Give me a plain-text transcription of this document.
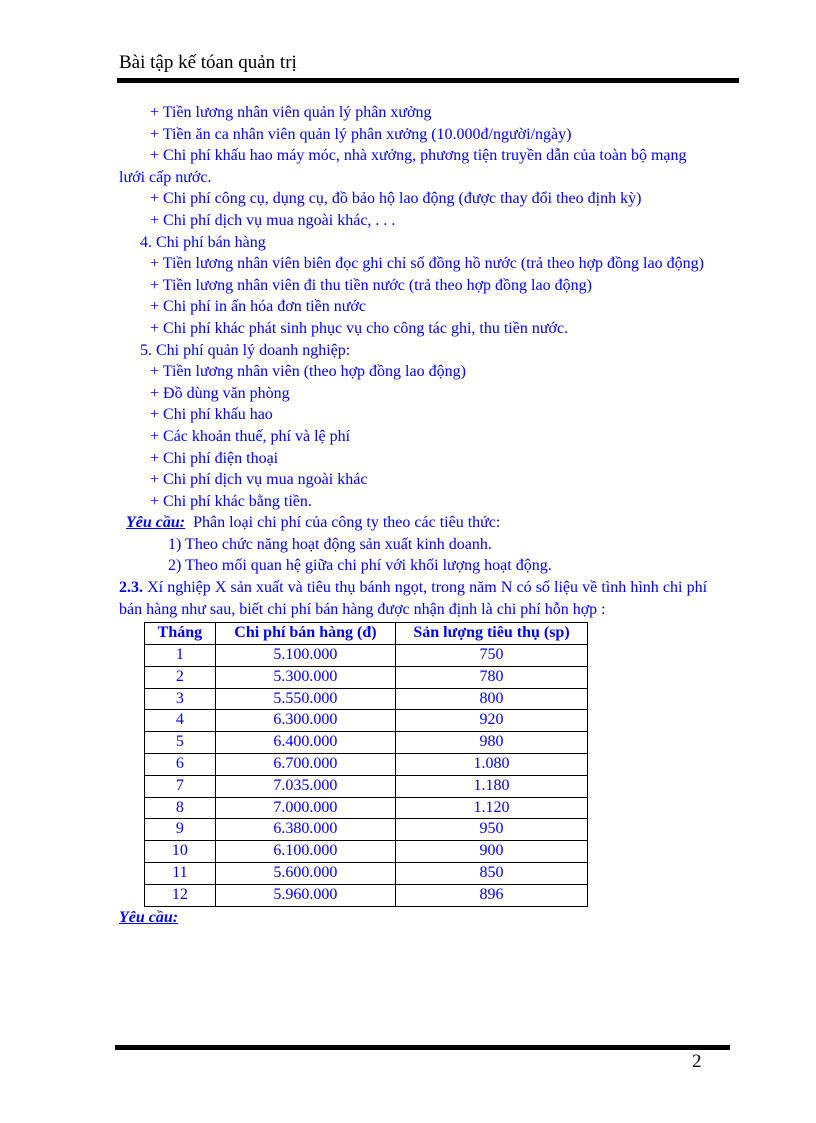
Bài tập kế tóan quản trị
+ Tiền lương nhân viên quản lý phân xưởng
+ Tiền ăn ca nhân viên quản lý phân xưởng (10.000đ/người/ngày)
+ Chi phí khấu hao máy móc, nhà xưởng, phương tiện truyền dẫn của toàn bộ mạng lưới cấp nước.
+ Chi phí công cụ, dụng cụ, đồ bảo hộ lao động (được thay đổi theo định kỳ)
+ Chi phí dịch vụ mua ngoài khác, . . .
4. Chi phí bán hàng
+ Tiền lương nhân viên biên đọc ghi chỉ số đồng hồ nước (trả theo hợp đồng lao động)
+ Tiền lương nhân viên đi thu tiền nước (trả theo hợp đồng lao động)
+ Chi phí in ấn hóa đơn tiền nước
+ Chi phí khác phát sinh phục vụ cho công tác ghi, thu tiền nước.
5. Chi phí quản lý doanh nghiệp:
+ Tiền lương nhân viên (theo hợp đồng lao động)
+ Đồ dùng văn phòng
+ Chi phí khấu hao
+ Các khoản thuế, phí và lệ phí
+ Chi phí điện thoại
+ Chi phí dịch vụ mua ngoài khác
+ Chi phí khác bằng tiền.
Yêu cầu: Phân loại chi phí của công ty theo các tiêu thức:
1) Theo chức năng hoạt động sản xuất kinh doanh.
2) Theo mối quan hệ giữa chi phí với khối lượng hoạt động.
2.3. Xí nghiệp X sản xuất và tiêu thụ bánh ngọt, trong năm N có số liệu về tình hình chi phí bán hàng như sau, biết chi phí bán hàng được nhận định là chi phí hỗn hợp :
Tháng	Chi phí bán hàng (đ)	Sản lượng tiêu thụ (sp)
1	5.100.000	750
2	5.300.000	780
3	5.550.000	800
4	6.300.000	920
5	6.400.000	980
6	6.700.000	1.080
7	7.035.000	1.180
8	7.000.000	1.120
9	6.380.000	950
10	6.100.000	900
11	5.600.000	850
12	5.960.000	896
Yêu cầu:
2
